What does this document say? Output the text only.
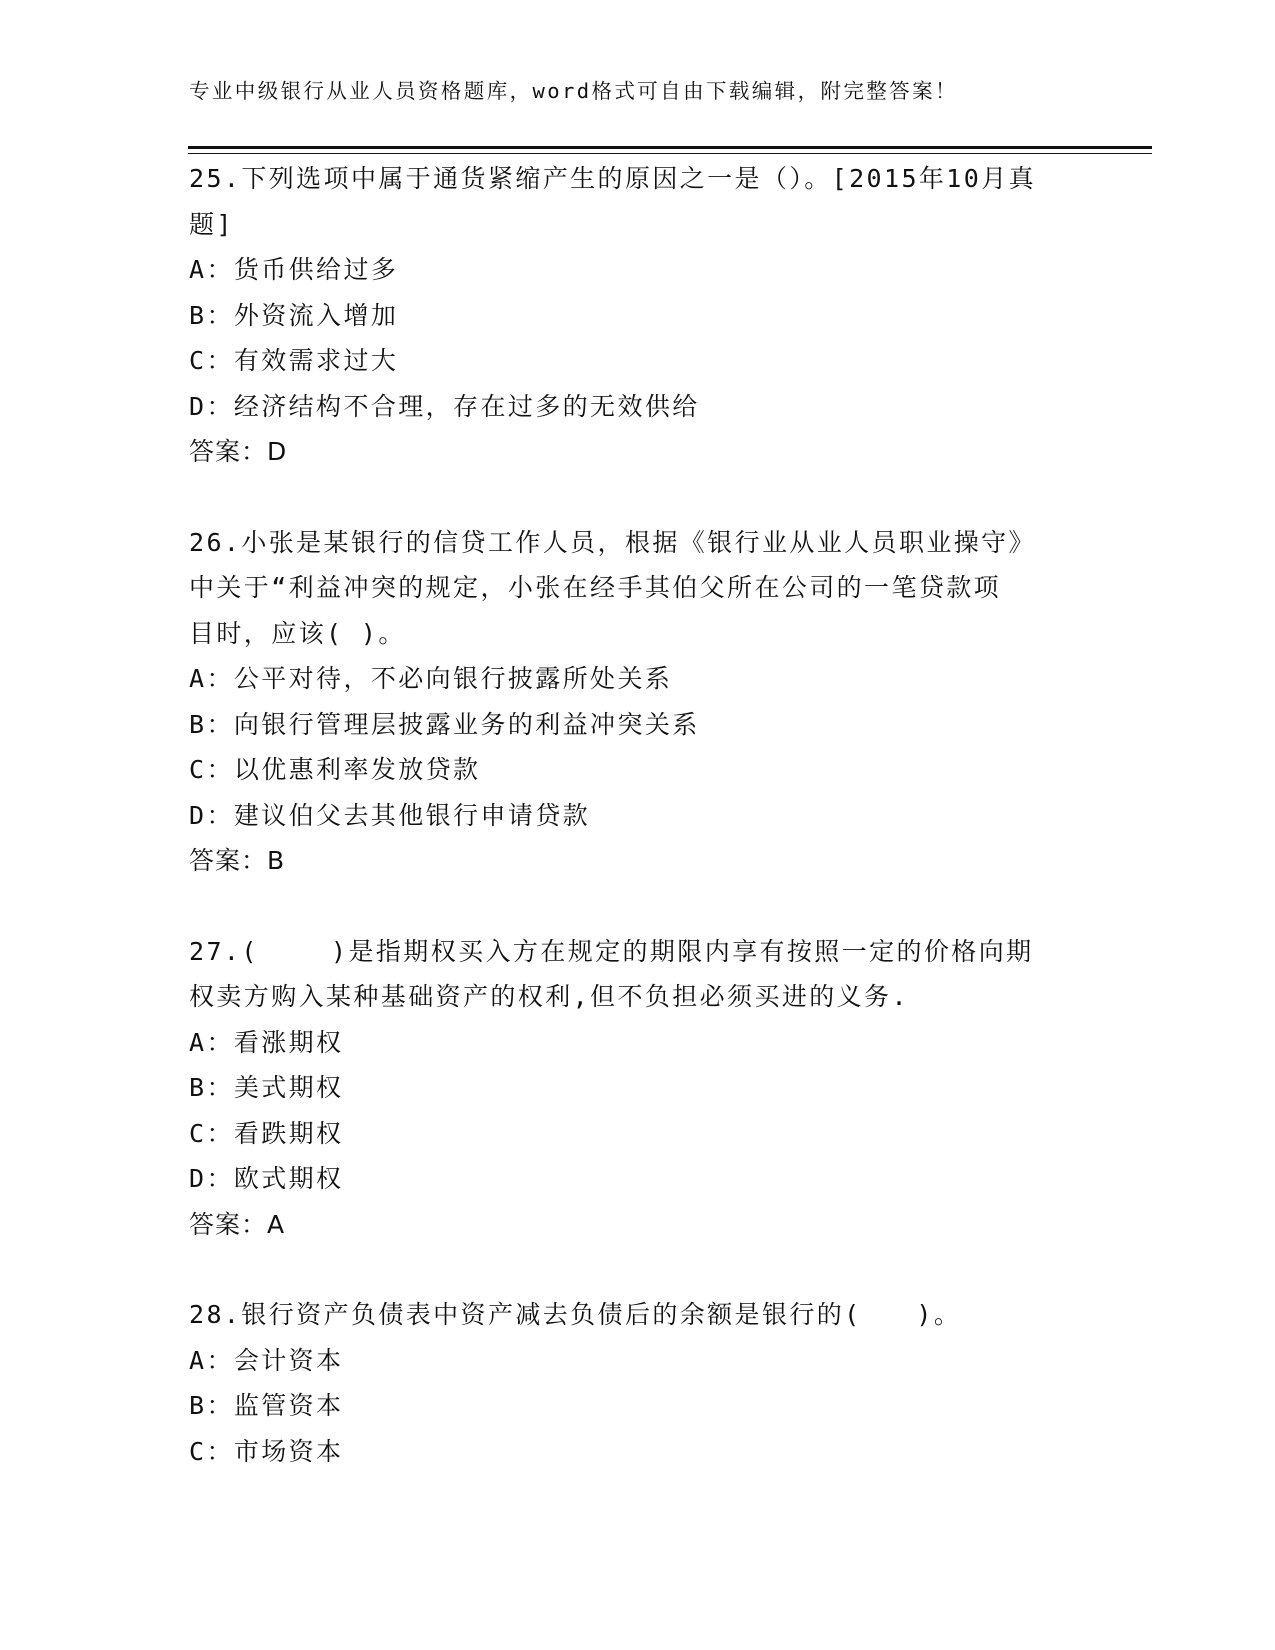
专业中级银行从业人员资格题库，word格式可自由下载编辑，附完整答案！

25.下列选项中属于通货紧缩产生的原因之一是（）。[2015年10月真

题]

A：货币供给过多

B：外资流入增加

C：有效需求过大

D：经济结构不合理，存在过多的无效供给

答案：D

26.小张是某银行的信贷工作人员，根据《银行业从业人员职业操守》

中关于“利益冲突的规定，小张在经手其伯父所在公司的一笔贷款项

目时，应该( )。

A：公平对待，不必向银行披露所处关系

B：向银行管理层披露业务的利益冲突关系

C：以优惠利率发放贷款

D：建议伯父去其他银行申请贷款

答案：B

27.(　　 )是指期权买入方在规定的期限内享有按照一定的价格向期

权卖方购入某种基础资产的权利,但不负担必须买进的义务.

A：看涨期权

B：美式期权

C：看跌期权

D：欧式期权

答案：A

28.银行资产负债表中资产减去负债后的余额是银行的(　　)。

A：会计资本

B：监管资本

C：市场资本
